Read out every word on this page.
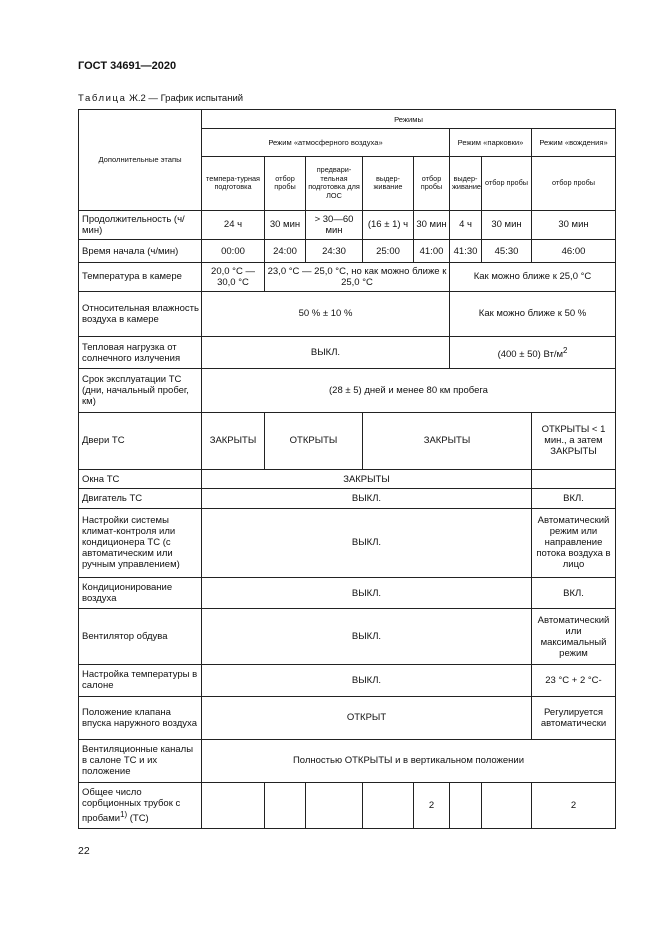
ГОСТ 34691—2020
Таблица Ж.2 — График испытаний
Дополнительные этапы	Режимы							
	Режим «атмосферного воздуха»					Режим «парковки»		Режим «вождения»
	темпера-турная подготовка	отбор пробы	предвари-тельная подготовка для ЛОС	выдер-живание	отбор пробы	выдер-живание	отбор пробы	отбор пробы
Продолжительность (ч/мин)	24 ч	30 мин	> 30—60 мин	(16 ± 1) ч	30 мин	4 ч	30 мин	30 мин
Время начала (ч/мин)	00:00	24:00	24:30	25:00	41:00	41:30	45:30	46:00
Температура в камере	20,0 °C — 30,0 °C	23,0 °C — 25,0 °C, но как можно ближе к 25,0 °C				Как можно ближе к 25,0 °C		
Относительная влажность воздуха в камере	50 % ± 10 %					Как можно ближе к 50 %		
Тепловая нагрузка от солнечного излучения	ВЫКЛ.					(400 ± 50) $Вт/м^2$
Срок эксплуатации ТС (дни, начальный пробег, км)	(28 ± 5) дней и менее 80 км пробега							
Двери ТС	ЗАКРЫТЫ	ОТКРЫТЫ		ЗАКРЫТЫ				ОТКРЫТЫ < 1 мин., а затем ЗАКРЫТЫ
Окна ТС	ЗАКРЫТЫ							
Двигатель ТС	ВЫКЛ.							ВКЛ.
Настройки системы климат-контроля или кондиционера ТС (с автоматическим или ручным управлением)	ВЫКЛ.							Автоматический режим или направление потока воздуха в лицо
Кондиционирование воздуха	ВЫКЛ.							ВКЛ.
Вентилятор обдува	ВЫКЛ.							Автоматический или максимальный режим
Настройка температуры в салоне	ВЫКЛ.							23 °C + 2 °C-
Положение клапана впуска наружного воздуха	ОТКРЫТ							Регулируется автоматически
Вентиляционные каналы в салоне ТС и их положение	Полностью ОТКРЫТЫ и в вертикальном положении							
Общее число сорбционных трубок с пробами$^{1)}$ (ТС)					2			2
22
